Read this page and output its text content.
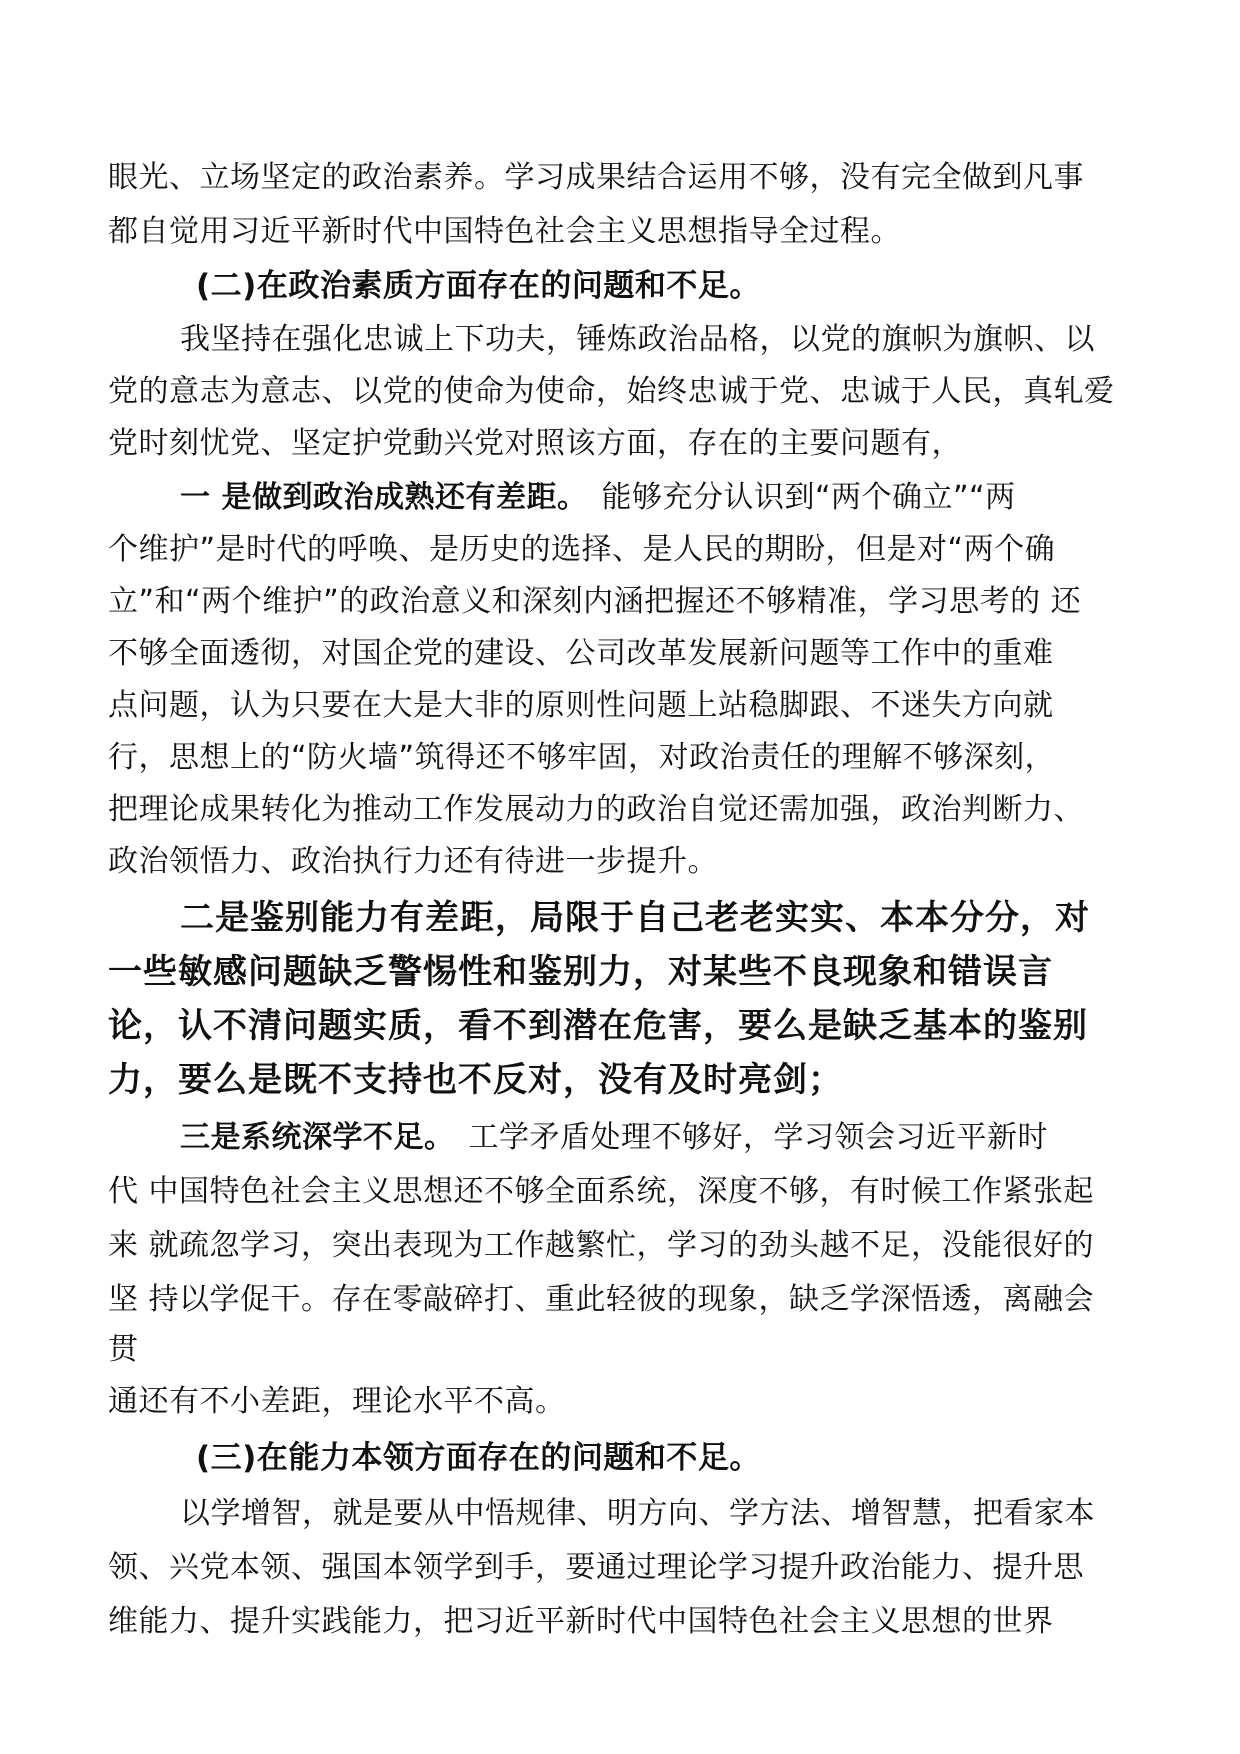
眼光、立场坚定的政治素养。学习成果结合运用不够，没有完全做到凡事
都自觉用习近平新时代中国特色社会主义思想指导全过程。
(二)在政治素质方面存在的问题和不足。
我坚持在强化忠诚上下功夫，锤炼政治品格，以党的旗帜为旗帜、以
党的意志为意志、以党的使命为使命，始终忠诚于党、忠诚于人民，真轧爱
党时刻忧党、坚定护党動兴党对照该方面，存在的主要问题有，
一 是做到政治成熟还有差距。 能够充分认识到“两个确立”“两
个维护”是时代的呼唤、是历史的选择、是人民的期盼，但是对“两个确
立”和“两个维护”的政治意义和深刻内涵把握还不够精准，学习思考的 还
不够全面透彻，对国企党的建设、公司改革发展新问题等工作中的重难
点问题，认为只要在大是大非的原则性问题上站稳脚跟、不迷失方向就
行，思想上的“防火墙”筑得还不够牢固，对政治责任的理解不够深刻，
把理论成果转化为推动工作发展动力的政治自觉还需加强，政治判断力、
政治领悟力、政治执行力还有待进一步提升。
二是鉴别能力有差距，局限于自己老老实实、本本分分，对
一些敏感问题缺乏警惕性和鉴别力，对某些不良现象和错误言
论，认不清问题实质，看不到潜在危害，要么是缺乏基本的鉴别
力，要么是既不支持也不反对，没有及时亮剑；
三是系统深学不足。 工学矛盾处理不够好，学习领会习近平新时
代 中国特色社会主义思想还不够全面系统，深度不够，有时候工作紧张起
来 就疏忽学习，突出表现为工作越繁忙，学习的劲头越不足，没能很好的
坚 持以学促干。存在零敲碎打、重此轻彼的现象，缺乏学深悟透，离融会
贯
通还有不小差距，理论水平不高。
(三)在能力本领方面存在的问题和不足。
以学增智，就是要从中悟规律、明方向、学方法、增智慧，把看家本
领、兴党本领、强国本领学到手，要通过理论学习提升政治能力、提升思
维能力、提升实践能力，把习近平新时代中国特色社会主义思想的世界
